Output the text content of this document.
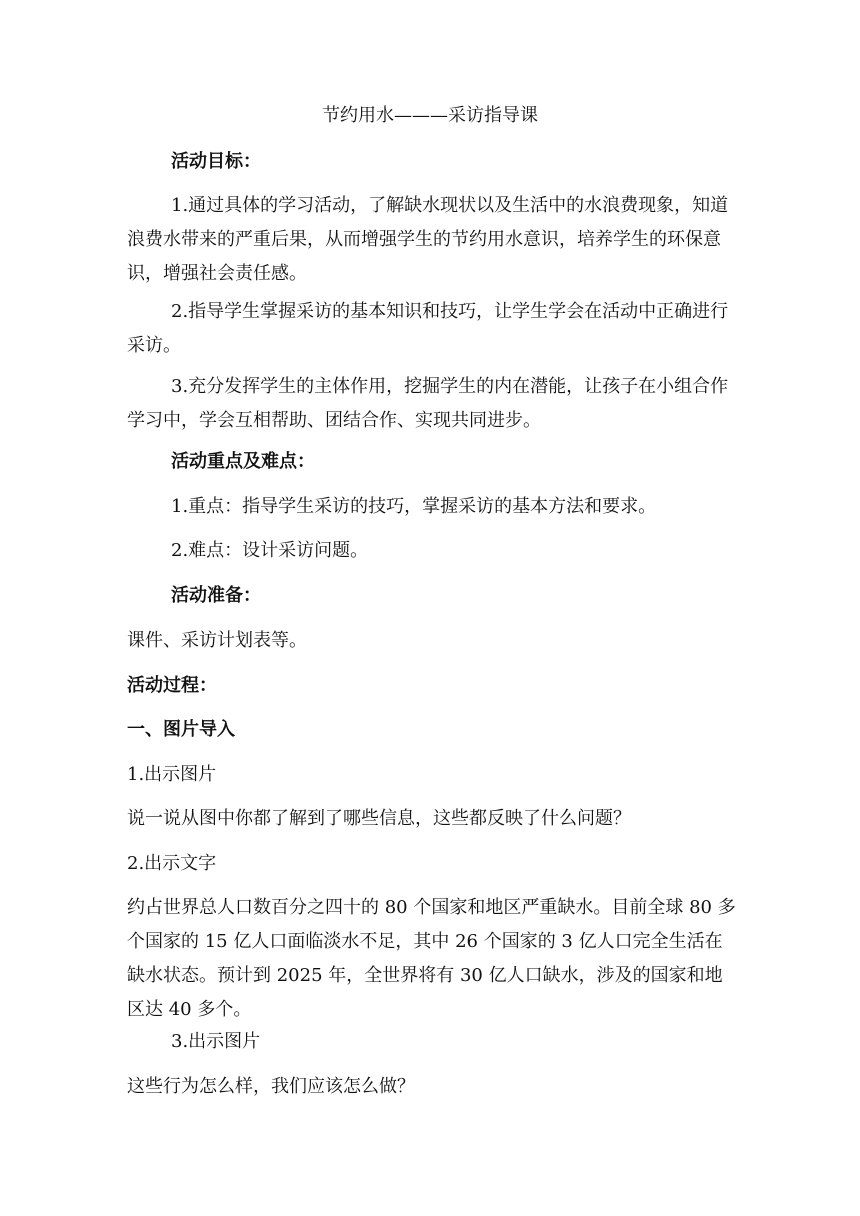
节约用水———采访指导课

活动目标：

1.通过具体的学习活动，了解缺水现状以及生活中的水浪费现象，知道浪费水带来的严重后果，从而增强学生的节约用水意识，培养学生的环保意识，增强社会责任感。

2.指导学生掌握采访的基本知识和技巧，让学生学会在活动中正确进行采访。

3.充分发挥学生的主体作用，挖掘学生的内在潜能，让孩子在小组合作学习中，学会互相帮助、团结合作、实现共同进步。

活动重点及难点：

1.重点：指导学生采访的技巧，掌握采访的基本方法和要求。

2.难点：设计采访问题。

活动准备：

课件、采访计划表等。

活动过程：

一、图片导入

1.出示图片

说一说从图中你都了解到了哪些信息，这些都反映了什么问题？

2.出示文字

约占世界总人口数百分之四十的 80 个国家和地区严重缺水。目前全球 80 多个国家的 15 亿人口面临淡水不足，其中 26 个国家的 3 亿人口完全生活在缺水状态。预计到 2025 年，全世界将有 30 亿人口缺水，涉及的国家和地区达 40 多个。

3.出示图片

这些行为怎么样，我们应该怎么做？
